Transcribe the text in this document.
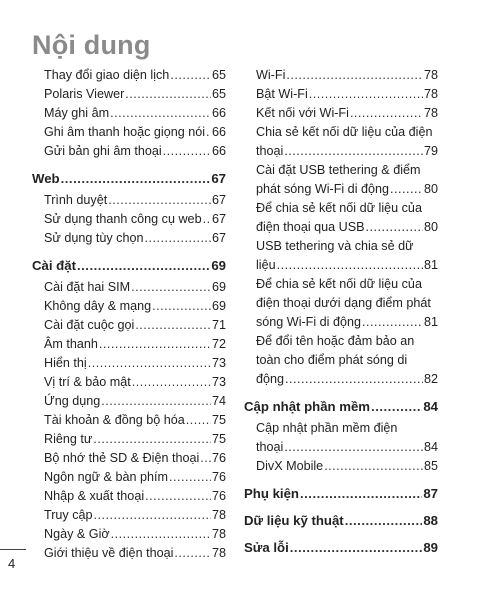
Nội dung
Thay đổi giao diện lịch .....	65
Polaris Viewer .....	65
Máy ghi âm .....	66
Ghi âm thanh hoặc giọng nói ..... 66
Gửi bản ghi âm thoại .....	66
Web .....	67
Trình duyệt .....	67
Sử dụng thanh công cụ web ..... 67
Sử dụng tùy chọn .....	67
Cài đặt .....	69
Cài đặt hai SIM .....	69
Không dây & mạng .....	69
Cài đặt cuộc gọi .....	71
Âm thanh .....	72
Hiển thị .....	73
Vị trí & bảo mật .....	73
Ứng dụng .....	74
Tài khoản & đồng bộ hóa ..... 75
Riêng tư .....	75
Bộ nhớ thẻ SD & Điện thoại ..... 76
Ngôn ngữ & bàn phím .....	76
Nhập & xuất thoại .....	76
Truy cập .....	78
Ngày & Giờ .....	78
Giới thiệu về điện thoại .....	78
Wi-Fi .....	78
Bật Wi-Fi .....	78
Kết nối với Wi-Fi .....	78
Chia sẻ kết nối dữ liệu của điện
thoại .....	79
Cài đặt USB tethering & điểm
phát sóng Wi-Fi di động .....	80
Để chia sẻ kết nối dữ liệu của
điện thoại qua USB .....	80
USB tethering và chia sẻ dữ
liệu .....	81
Để chia sẻ kết nối dữ liệu của
điện thoại dưới dạng điểm phát
sóng Wi-Fi di động .....	81
Để đổi tên hoặc đảm bảo an
toàn cho điểm phát sóng di
động .....	82
Cập nhật phần mềm .....	84
Cập nhật phần mềm điện
thoại .....	84
DivX Mobile .....	85
Phụ kiện .....	87
Dữ liệu kỹ thuật .....	88
Sửa lỗi .....	89
4
